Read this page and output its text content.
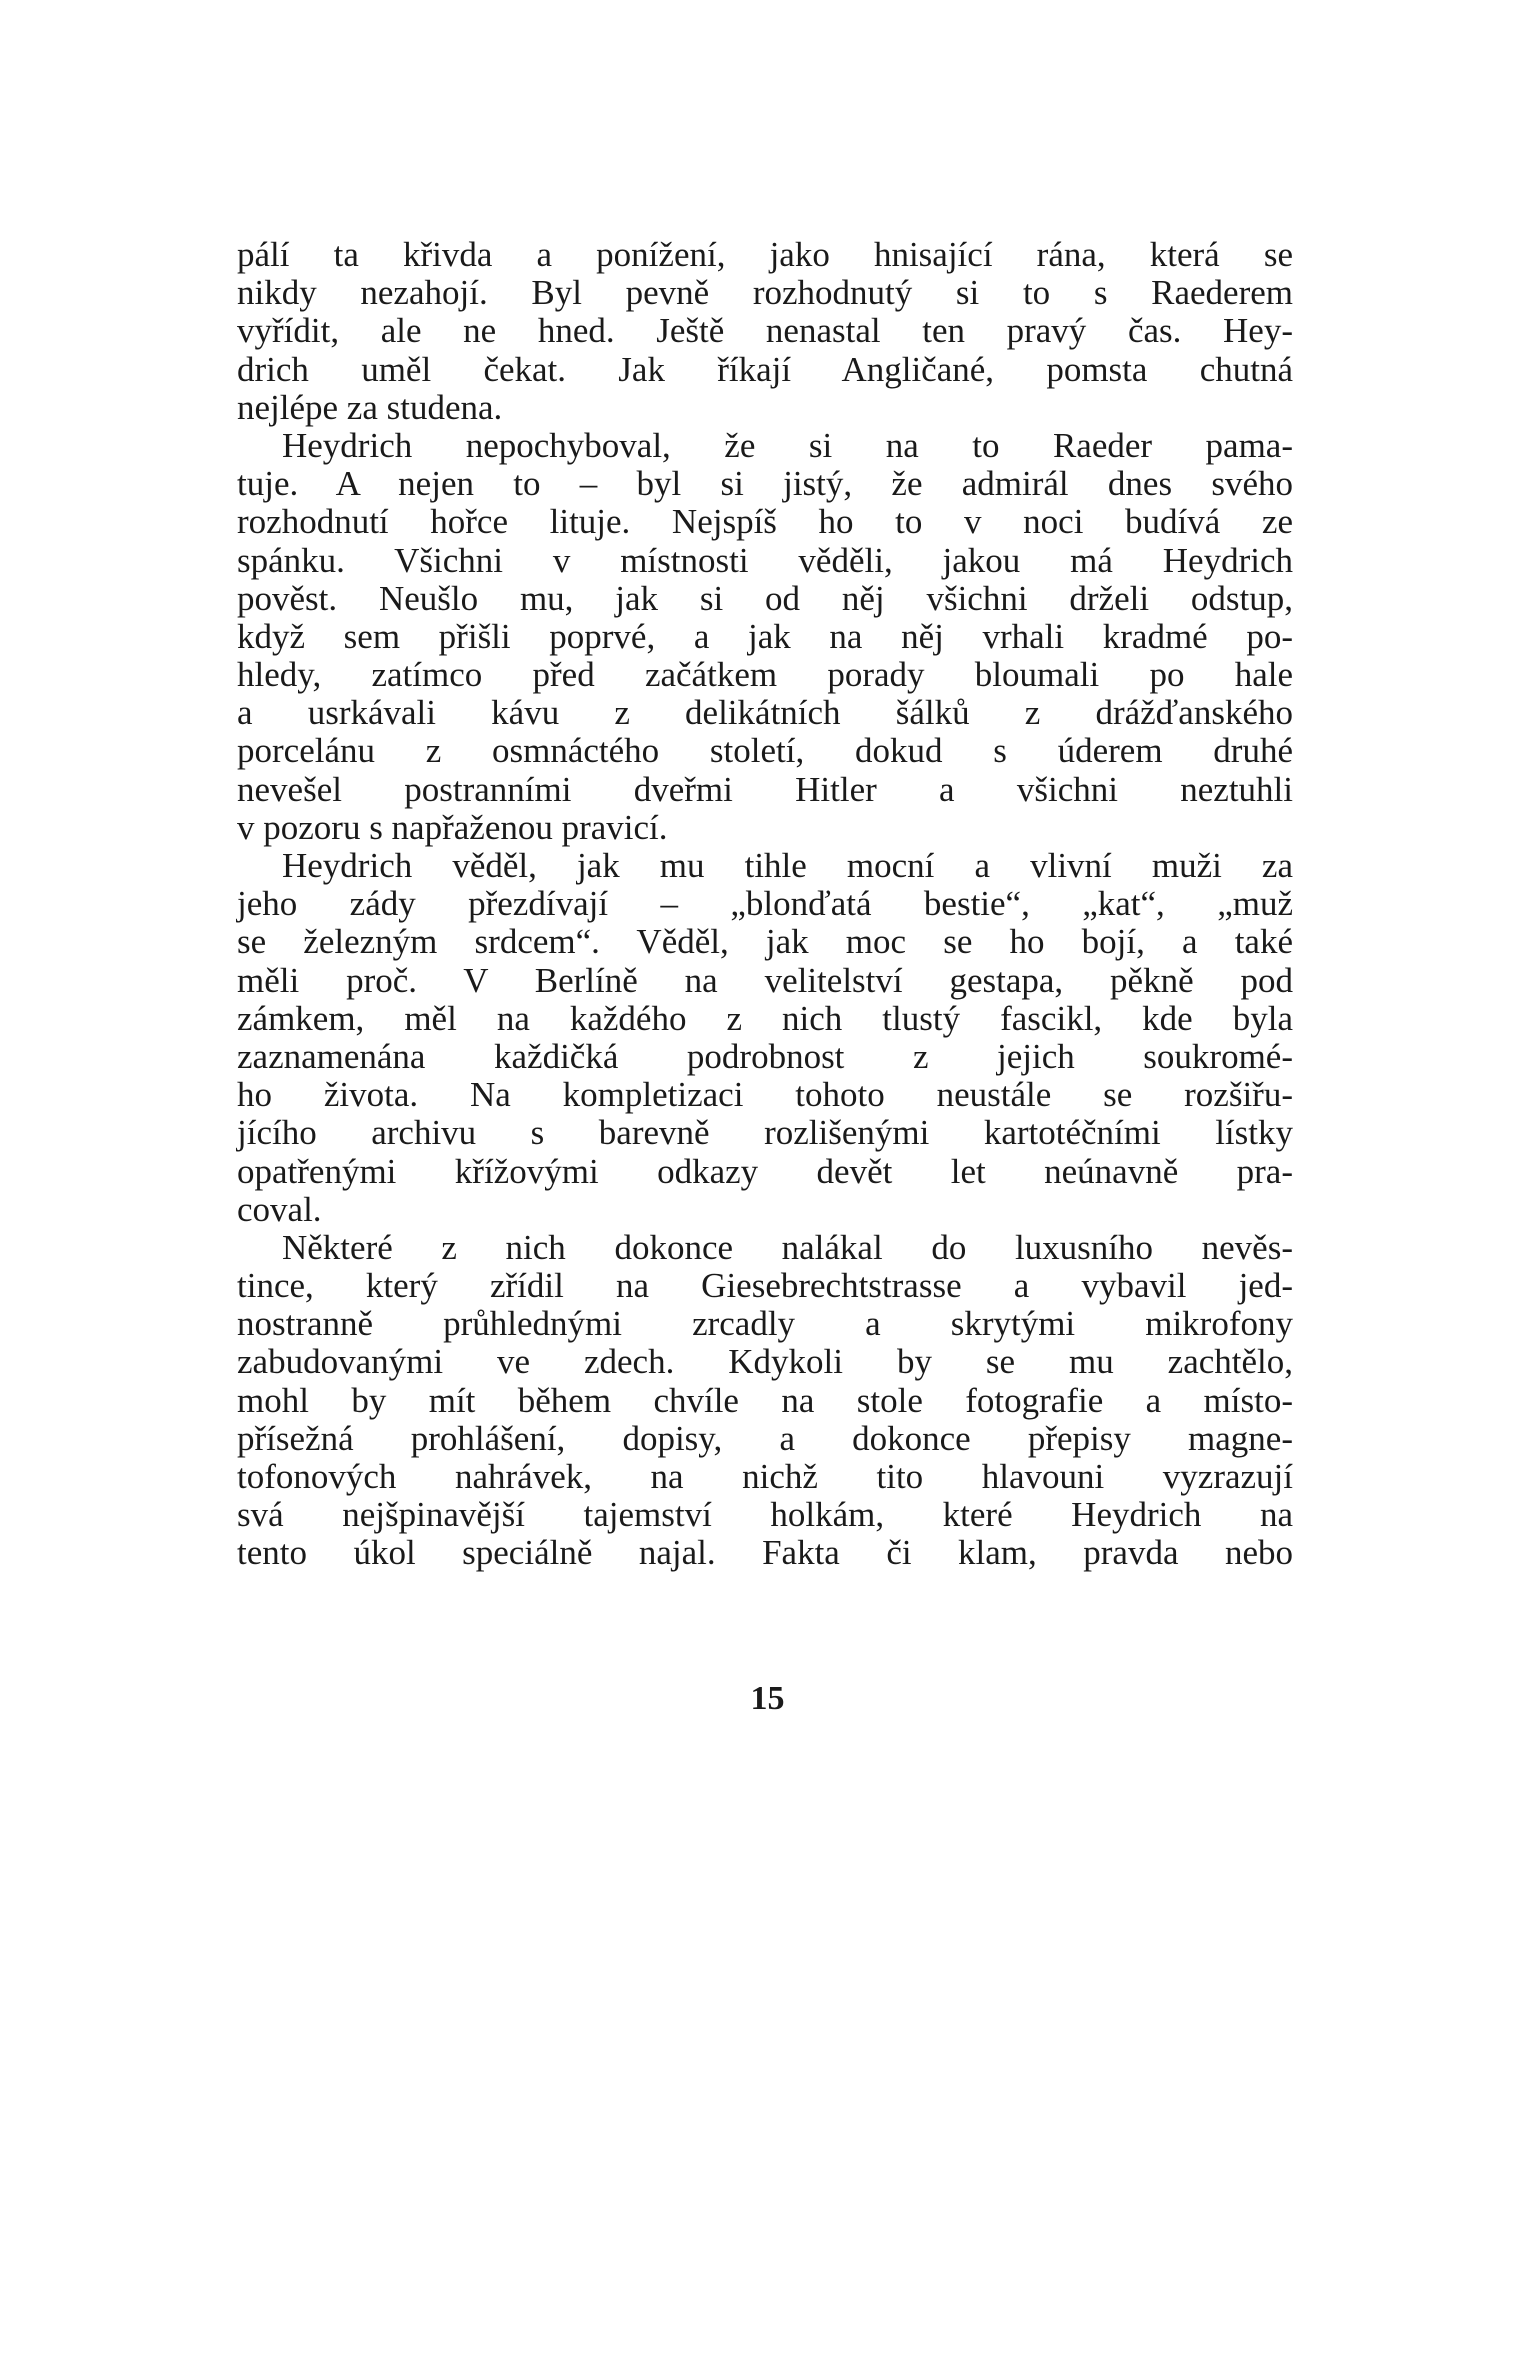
pálí ta křivda a ponížení, jako hnisající rána, která se
nikdy nezahojí. Byl pevně rozhodnutý si to s Raederem
vyřídit, ale ne hned. Ještě nenastal ten pravý čas. Hey-
drich uměl čekat. Jak říkají Angličané, pomsta chutná
nejlépe za studena.
Heydrich nepochyboval, že si na to Raeder pama-
tuje. A nejen to – byl si jistý, že admirál dnes svého
rozhodnutí hořce lituje. Nejspíš ho to v noci budívá ze
spánku. Všichni v místnosti věděli, jakou má Heydrich
pověst. Neušlo mu, jak si od něj všichni drželi odstup,
když sem přišli poprvé, a jak na něj vrhali kradmé po-
hledy, zatímco před začátkem porady bloumali po hale
a usrkávali kávu z delikátních šálků z drážďanského
porcelánu z osmnáctého století, dokud s úderem druhé
nevešel postranními dveřmi Hitler a všichni neztuhli
v pozoru s napřaženou pravicí.
Heydrich věděl, jak mu tihle mocní a vlivní muži za
jeho zády přezdívají – „blonďatá bestie“, „kat“, „muž
se železným srdcem“. Věděl, jak moc se ho bojí, a také
měli proč. V Berlíně na velitelství gestapa, pěkně pod
zámkem, měl na každého z nich tlustý fascikl, kde byla
zaznamenána každičká podrobnost z jejich soukromé-
ho života. Na kompletizaci tohoto neustále se rozšiřu-
jícího archivu s barevně rozlišenými kartotéčními lístky
opatřenými křížovými odkazy devět let neúnavně pra-
coval.
Některé z nich dokonce nalákal do luxusního nevěs-
tince, který zřídil na Giesebrechtstrasse a vybavil jed-
nostranně průhlednými zrcadly a skrytými mikrofony
zabudovanými ve zdech. Kdykoli by se mu zachtělo,
mohl by mít během chvíle na stole fotografie a místo-
přísežná prohlášení, dopisy, a dokonce přepisy magne-
tofonových nahrávek, na nichž tito hlavouni vyzrazují
svá nejšpinavější tajemství holkám, které Heydrich na
tento úkol speciálně najal. Fakta či klam, pravda nebo
15
